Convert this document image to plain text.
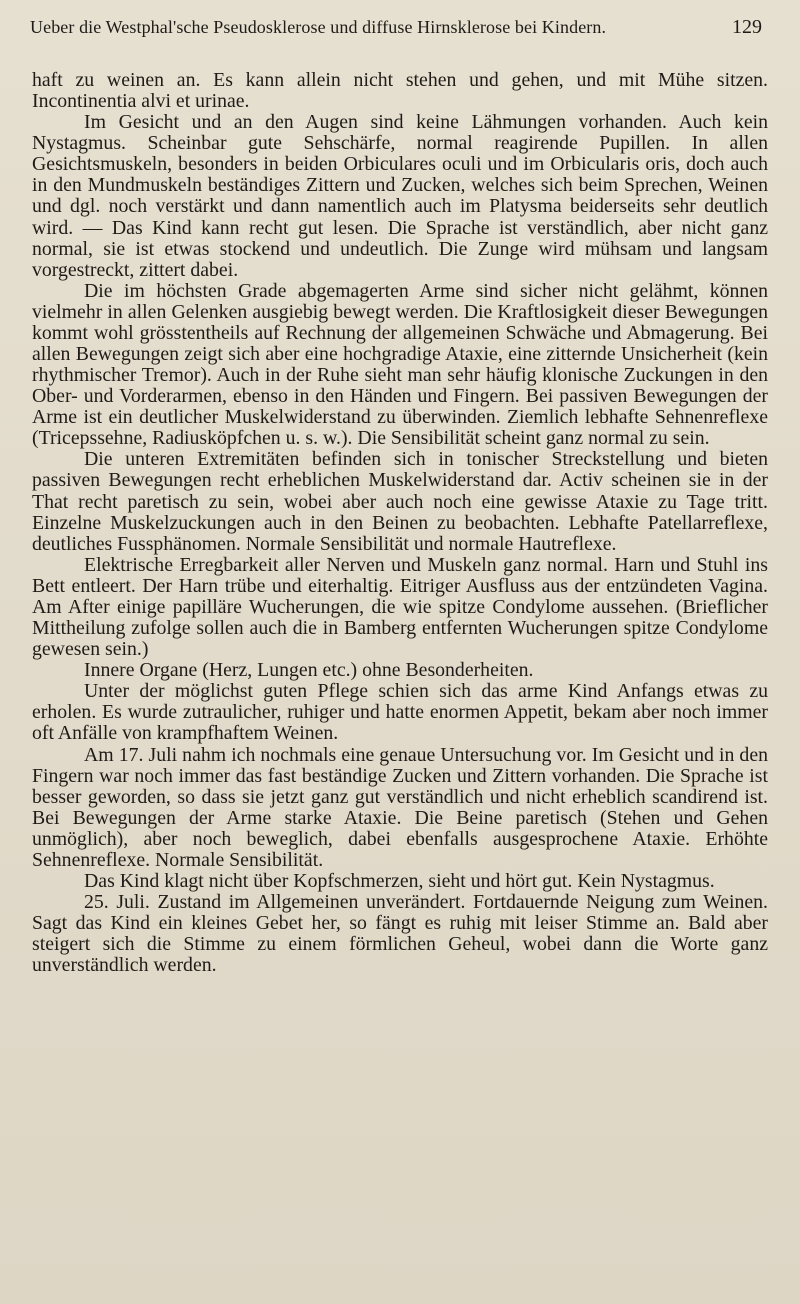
Ueber die Westphal'sche Pseudosklerose und diffuse Hirnsklerose bei Kindern.	129

haft zu weinen an. Es kann allein nicht stehen und gehen, und mit Mühe sitzen. Incontinentia alvi et urinae.

Im Gesicht und an den Augen sind keine Lähmungen vorhanden. Auch kein Nystagmus. Scheinbar gute Sehschärfe, normal reagirende Pupillen. In allen Gesichtsmuskeln, besonders in beiden Orbiculares oculi und im Orbicularis oris, doch auch in den Mundmuskeln beständiges Zittern und Zucken, welches sich beim Sprechen, Weinen und dgl. noch verstärkt und dann namentlich auch im Platysma beiderseits sehr deutlich wird. — Das Kind kann recht gut lesen. Die Sprache ist verständlich, aber nicht ganz normal, sie ist etwas stockend und undeutlich. Die Zunge wird mühsam und langsam vorgestreckt, zittert dabei.

Die im höchsten Grade abgemagerten Arme sind sicher nicht gelähmt, können vielmehr in allen Gelenken ausgiebig bewegt werden. Die Kraftlosigkeit dieser Bewegungen kommt wohl grösstentheils auf Rechnung der allgemeinen Schwäche und Abmagerung. Bei allen Bewegungen zeigt sich aber eine hochgradige Ataxie, eine zitternde Unsicherheit (kein rhythmischer Tremor). Auch in der Ruhe sieht man sehr häufig klonische Zuckungen in den Ober- und Vorderarmen, ebenso in den Händen und Fingern. Bei passiven Bewegungen der Arme ist ein deutlicher Muskelwiderstand zu überwinden. Ziemlich lebhafte Sehnenreflexe (Tricepssehne, Radiusköpfchen u. s. w.). Die Sensibilität scheint ganz normal zu sein.

Die unteren Extremitäten befinden sich in tonischer Streckstellung und bieten passiven Bewegungen recht erheblichen Muskelwiderstand dar. Activ scheinen sie in der That recht paretisch zu sein, wobei aber auch noch eine gewisse Ataxie zu Tage tritt. Einzelne Muskelzuckungen auch in den Beinen zu beobachten. Lebhafte Patellarreflexe, deutliches Fussphänomen. Normale Sensibilität und normale Hautreflexe.

Elektrische Erregbarkeit aller Nerven und Muskeln ganz normal. Harn und Stuhl ins Bett entleert. Der Harn trübe und eiterhaltig. Eitriger Ausfluss aus der entzündeten Vagina. Am After einige papilläre Wucherungen, die wie spitze Condylome aussehen. (Brieflicher Mittheilung zufolge sollen auch die in Bamberg entfernten Wucherungen spitze Condylome gewesen sein.)

Innere Organe (Herz, Lungen etc.) ohne Besonderheiten.

Unter der möglichst guten Pflege schien sich das arme Kind Anfangs etwas zu erholen. Es wurde zutraulicher, ruhiger und hatte enormen Appetit, bekam aber noch immer oft Anfälle von krampfhaftem Weinen.

Am 17. Juli nahm ich nochmals eine genaue Untersuchung vor. Im Gesicht und in den Fingern war noch immer das fast beständige Zucken und Zittern vorhanden. Die Sprache ist besser geworden, so dass sie jetzt ganz gut verständlich und nicht erheblich scandirend ist. Bei Bewegungen der Arme starke Ataxie. Die Beine paretisch (Stehen und Gehen unmöglich), aber noch beweglich, dabei ebenfalls ausgesprochene Ataxie. Erhöhte Sehnenreflexe. Normale Sensibilität.

Das Kind klagt nicht über Kopfschmerzen, sieht und hört gut. Kein Nystagmus.

25. Juli. Zustand im Allgemeinen unverändert. Fortdauernde Neigung zum Weinen. Sagt das Kind ein kleines Gebet her, so fängt es ruhig mit leiser Stimme an. Bald aber steigert sich die Stimme zu einem förmlichen Geheul, wobei dann die Worte ganz unverständlich werden.
